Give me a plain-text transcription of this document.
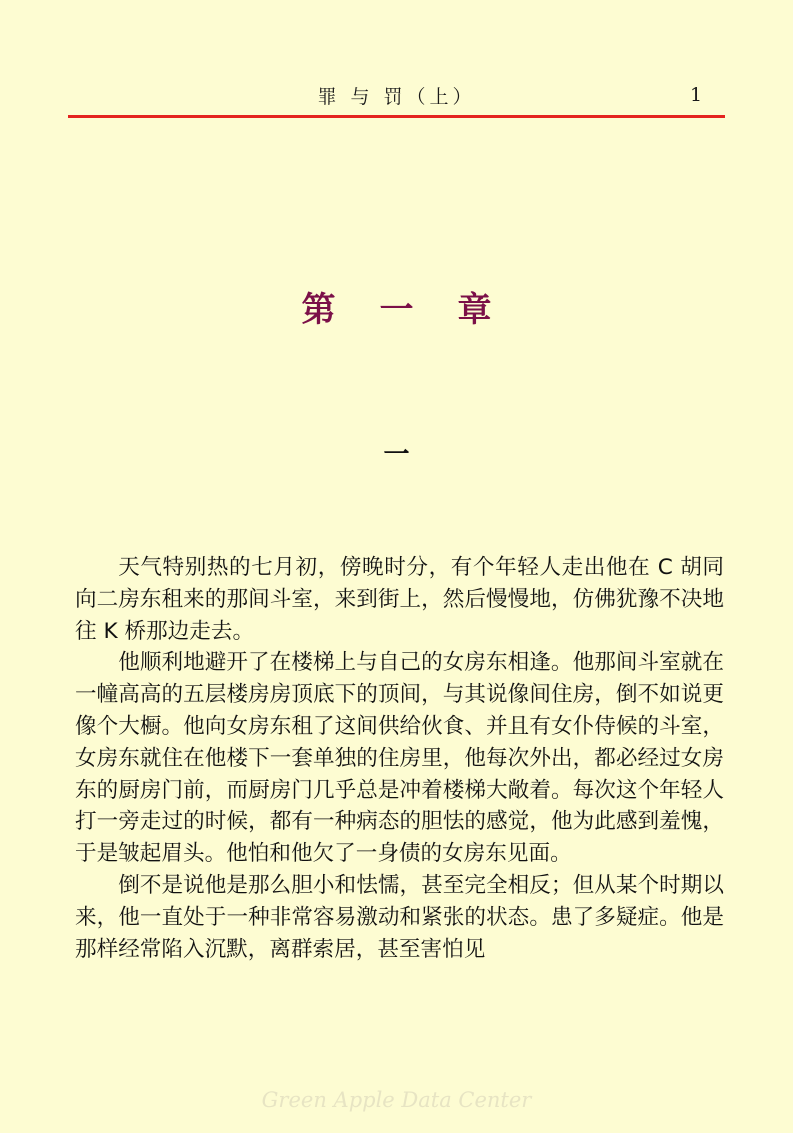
罪 与 罚（上）	1
第一章
一

天气特别热的七月初，傍晚时分，有个年轻人走出他在 C 胡同向二房东租来的那间斗室，来到街上，然后慢慢地，仿佛犹豫不决地往 K 桥那边走去。

他顺利地避开了在楼梯上与自己的女房东相逢。他那间斗室就在一幢高高的五层楼房房顶底下的顶间，与其说像间住房，倒不如说更像个大橱。他向女房东租了这间供给伙食、并且有女仆侍候的斗室，女房东就住在他楼下一套单独的住房里，他每次外出，都必经过女房东的厨房门前，而厨房门几乎总是冲着楼梯大敞着。每次这个年轻人打一旁走过的时候，都有一种病态的胆怯的感觉，他为此感到羞愧，于是皱起眉头。他怕和他欠了一身债的女房东见面。

倒不是说他是那么胆小和怯懦，甚至完全相反；但从某个时期以来，他一直处于一种非常容易激动和紧张的状态。患了多疑症。他是那样经常陷入沉默，离群索居，甚至害怕见

Green Apple Data Center
